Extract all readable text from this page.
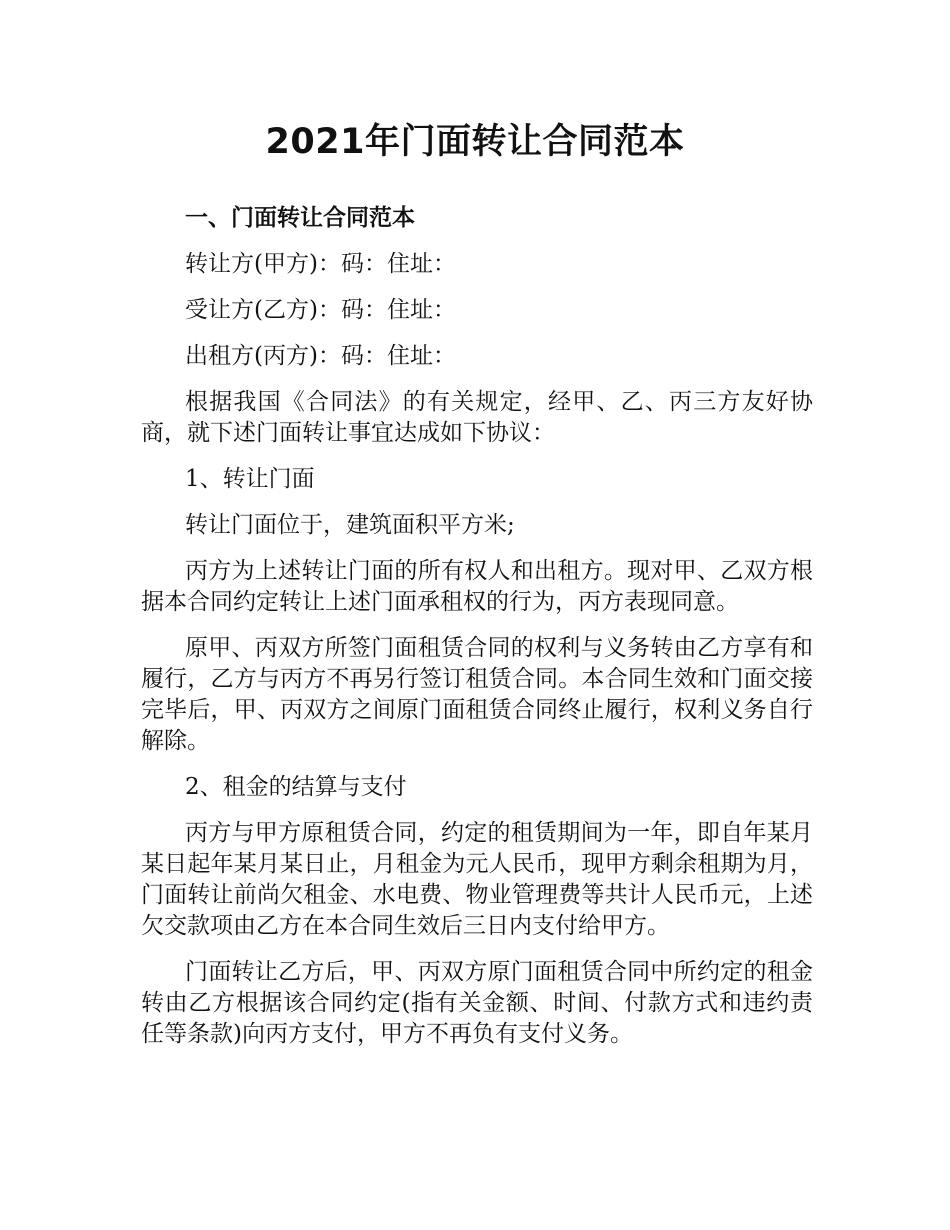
2021年门面转让合同范本

一、门面转让合同范本

转让方(甲方)：码：住址：

受让方(乙方)：码：住址：

出租方(丙方)：码：住址：

根据我国《合同法》的有关规定，经甲、乙、丙三方友好协商，就下述门面转让事宜达成如下协议：

1、转让门面

转让门面位于，建筑面积平方米;

丙方为上述转让门面的所有权人和出租方。现对甲、乙双方根据本合同约定转让上述门面承租权的行为，丙方表现同意。

原甲、丙双方所签门面租赁合同的权利与义务转由乙方享有和履行，乙方与丙方不再另行签订租赁合同。本合同生效和门面交接完毕后，甲、丙双方之间原门面租赁合同终止履行，权利义务自行解除。

2、租金的结算与支付

丙方与甲方原租赁合同，约定的租赁期间为一年，即自年某月某日起年某月某日止，月租金为元人民币，现甲方剩余租期为月，门面转让前尚欠租金、水电费、物业管理费等共计人民币元，上述欠交款项由乙方在本合同生效后三日内支付给甲方。

门面转让乙方后，甲、丙双方原门面租赁合同中所约定的租金转由乙方根据该合同约定(指有关金额、时间、付款方式和违约责任等条款)向丙方支付，甲方不再负有支付义务。
